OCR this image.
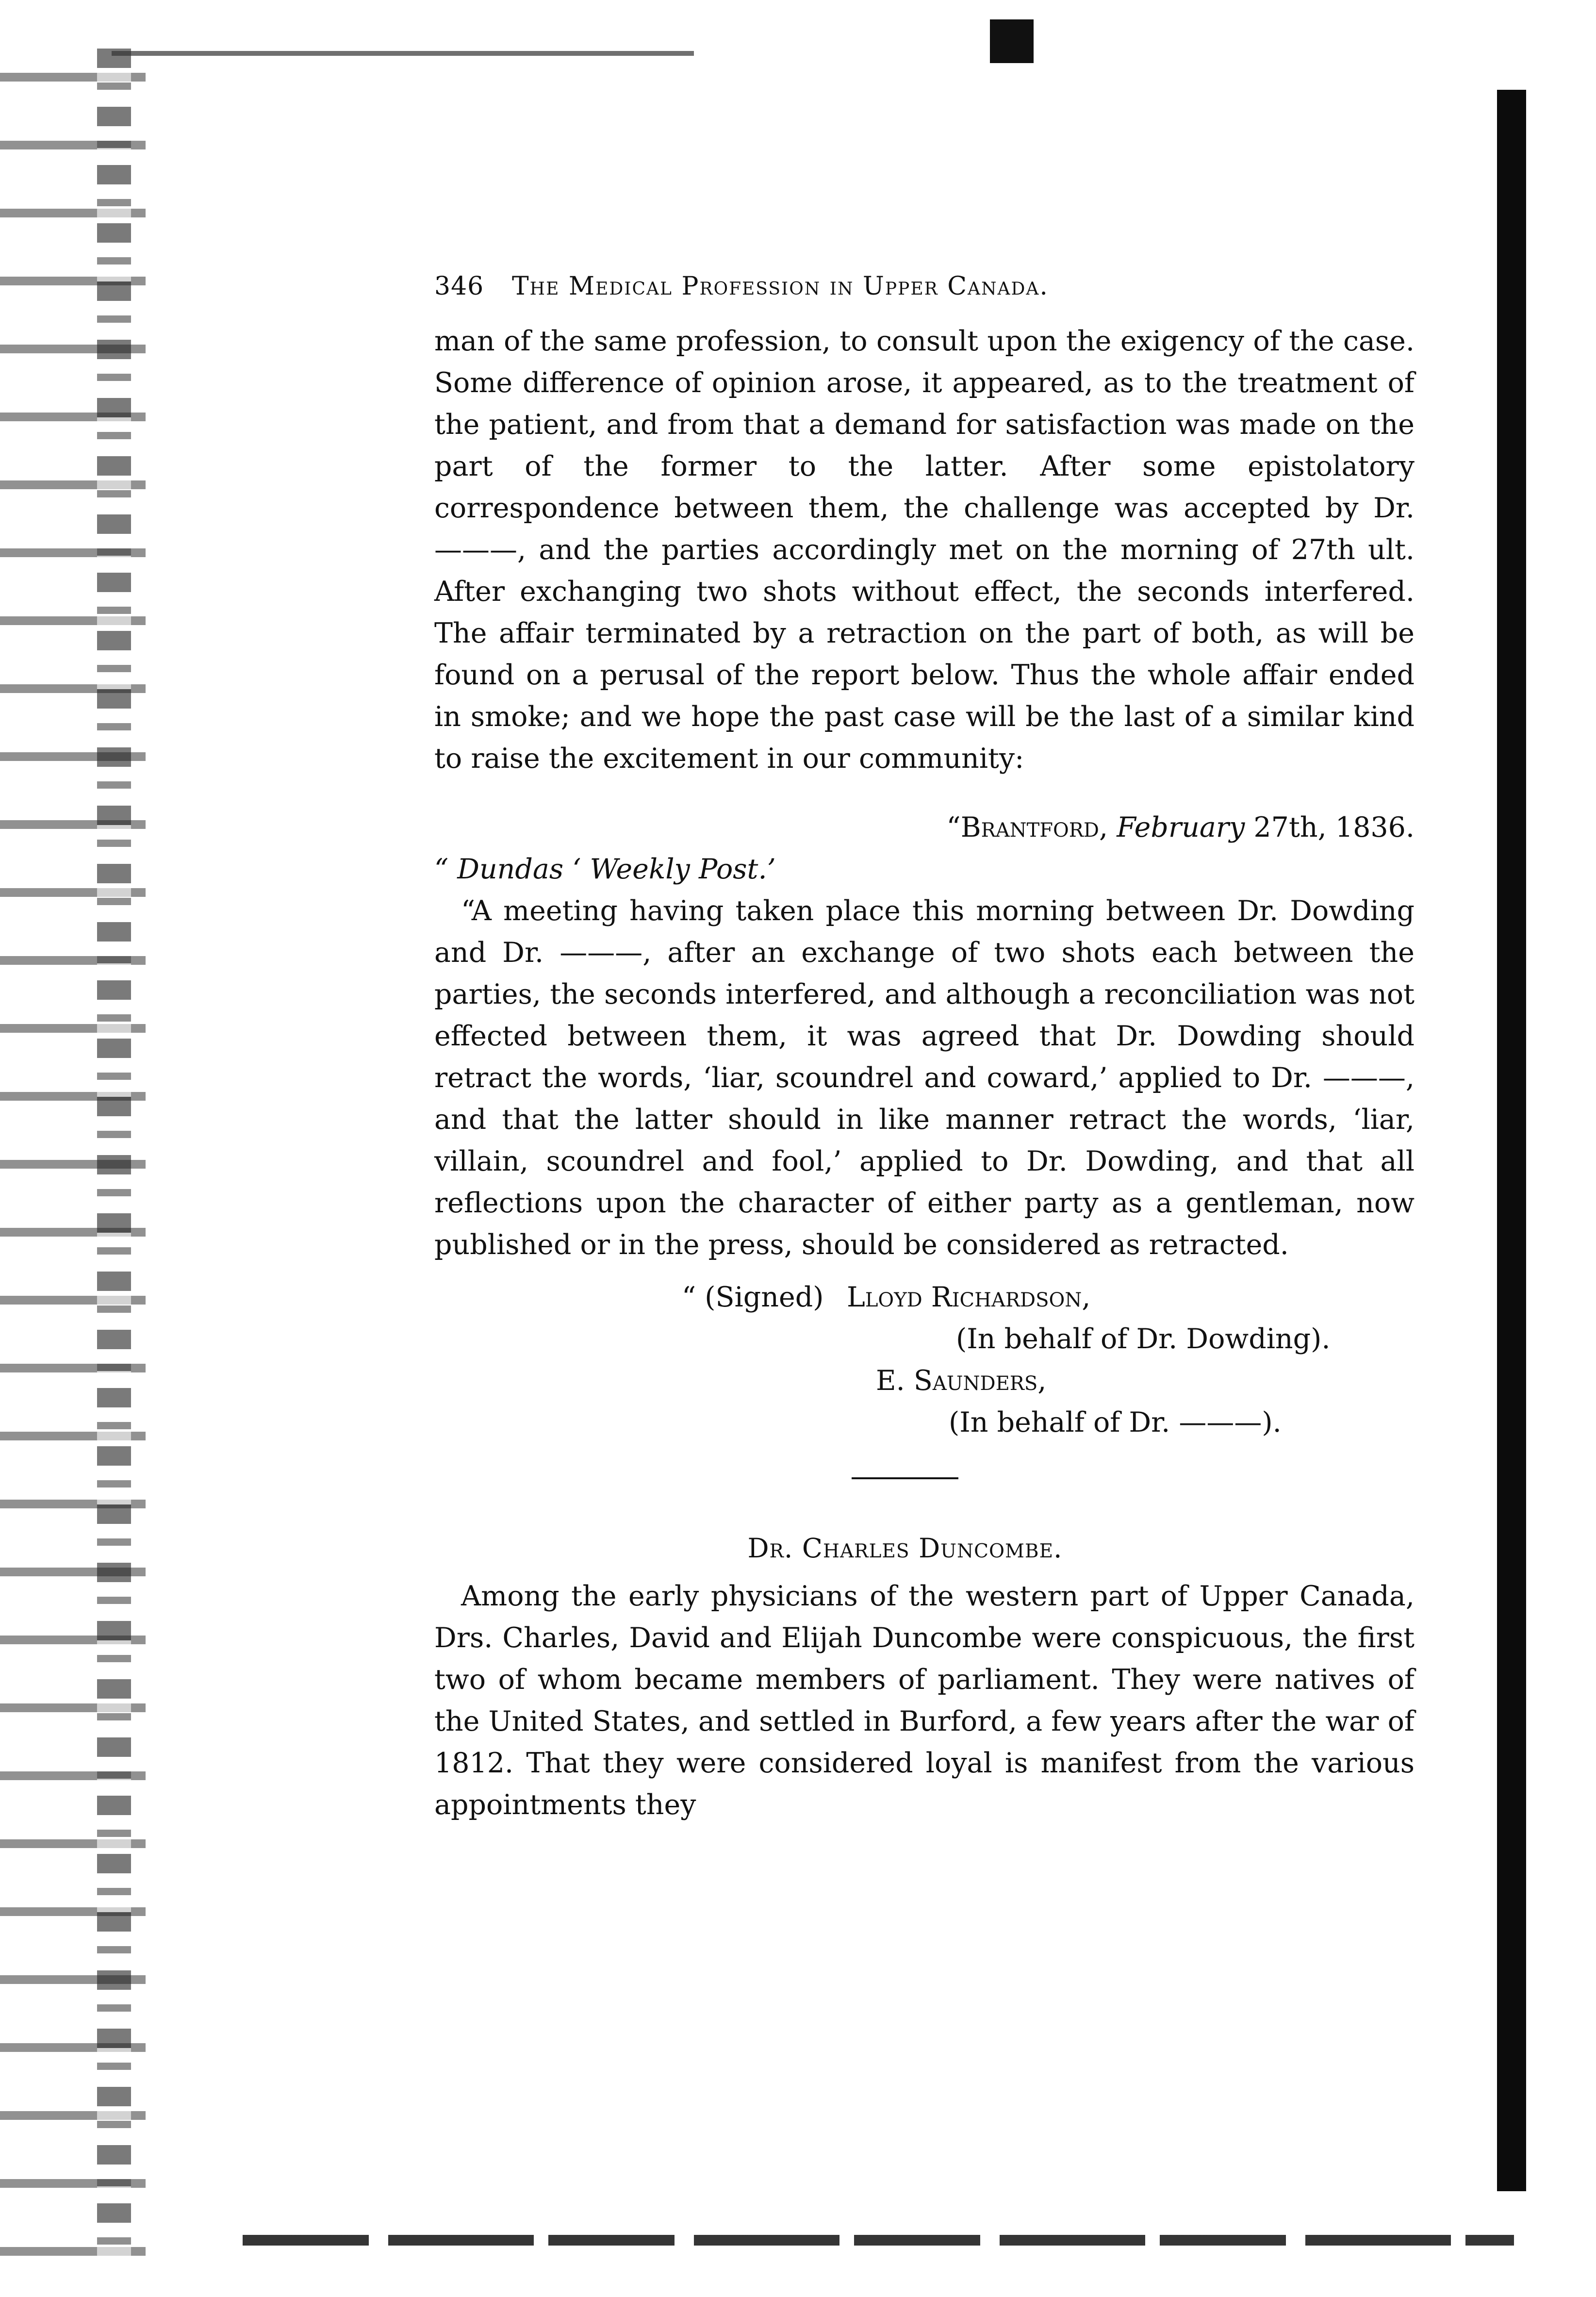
346	The Medical Profession in Upper Canada.

man of the same profession, to consult upon the exigency of the case. Some difference of opinion arose, it appeared, as to the treatment of the patient, and from that a demand for satisfaction was made on the part of the former to the latter. After some epistolatory correspondence between them, the challenge was accepted by Dr. ———, and the parties accordingly met on the morning of 27th ult. After exchanging two shots without effect, the seconds interfered. The affair terminated by a retraction on the part of both, as will be found on a perusal of the report below. Thus the whole affair ended in smoke; and we hope the past case will be the last of a similar kind to raise the excitement in our community:

“Brantford, February 27th, 1836.

“ Dundas ‘ Weekly Post.’

“A meeting having taken place this morning between Dr. Dowding and Dr. ———, after an exchange of two shots each between the parties, the seconds interfered, and although a reconciliation was not effected between them, it was agreed that Dr. Dowding should retract the words, ‘liar, scoundrel and coward,’ applied to Dr. ———, and that the latter should in like manner retract the words, ‘liar, villain, scoundrel and fool,’ applied to Dr. Dowding, and that all reflections upon the character of either party as a gentleman, now published or in the press, should be considered as retracted.

“ (Signed) Lloyd Richardson,
(In behalf of Dr. Dowding).
E. Saunders,
(In behalf of Dr. ———).
Dr. Charles Duncombe.

Among the early physicians of the western part of Upper Canada, Drs. Charles, David and Elijah Duncombe were conspicuous, the first two of whom became members of parliament. They were natives of the United States, and settled in Burford, a few years after the war of 1812. That they were considered loyal is manifest from the various appointments they
